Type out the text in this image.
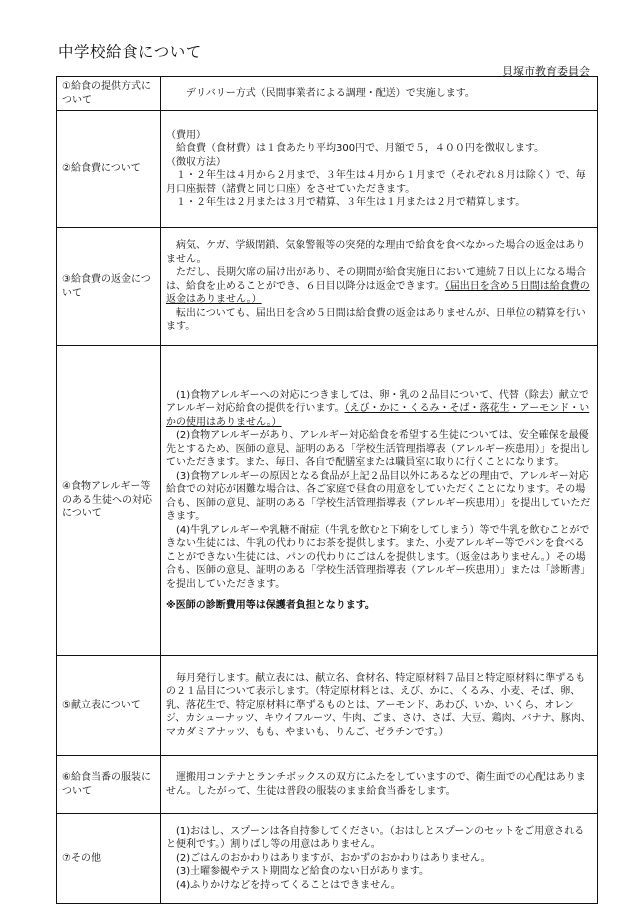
中学校給食について
貝塚市教育委員会
①給食の提供方式について	デリバリー方式（民間事業者による調理・配送）で実施します。

②給食費について	（費用）
給食費（食材費）は１食あたり平均300円で、月額で５，４００円を徴収します。
（徴収方法）
１・２年生は４月から２月まで、３年生は４月から１月まで（それぞれ８月は除く）で、毎月口座振替（諸費と同じ口座）をさせていただきます。
１・２年生は２月または３月で精算、３年生は１月または２月で精算します。

③給食費の返金について	病気、ケガ、学級閉鎖、気象警報等の突発的な理由で給食を食べなかった場合の返金はありません。
ただし、長期欠席の届け出があり、その期間が給食実施日において連続７日以上になる場合は、給食を止めることができ、６日目以降分は返金できます。（届出日を含め５日間は給食費の返金はありません。）
転出についても、届出日を含め５日間は給食費の返金はありませんが、日単位の精算を行います。

④食物アレルギー等のある生徒への対応について	(1)食物アレルギーへの対応につきましては、卵・乳の２品目について、代替（除去）献立でアレルギー対応給食の提供を行います。（えび・かに・くるみ・そば・落花生・アーモンド・いかの使用はありません。）
(2)食物アレルギーがあり、アレルギー対応給食を希望する生徒については、安全確保を最優先とするため、医師の意見、証明のある「学校生活管理指導表（アレルギー疾患用）」を提出していただきます。また、毎日、各自で配膳室または職員室に取りに行くことになります。
(3)食物アレルギーの原因となる食品が上記２品目以外にあるなどの理由で、アレルギー対応給食での対応が困難な場合は、各ご家庭で昼食の用意をしていただくことになります。その場合も、医師の意見、証明のある「学校生活管理指導表（アレルギー疾患用）」を提出していただきます。
(4)牛乳アレルギーや乳糖不耐症（牛乳を飲むと下痢をしてしまう）等で牛乳を飲むことができない生徒には、牛乳の代わりにお茶を提供します。また、小麦アレルギー等でパンを食べることができない生徒には、パンの代わりにごはんを提供します。（返金はありません。）その場合も、医師の意見、証明のある「学校生活管理指導表（アレルギー疾患用）」または「診断書」を提出していただきます。
※医師の診断費用等は保護者負担となります。

⑤献立表について	毎月発行します。献立表には、献立名、食材名、特定原材料７品目と特定原材料に準ずるもの２１品目について表示します。（特定原材料とは、えび、かに、くるみ、小麦、そば、卵、乳、落花生で、特定原材料に準ずるものとは、アーモンド、あわび、いか、いくら、オレンジ、カシューナッツ、キウイフルーツ、牛肉、ごま、さけ、さば、大豆、鶏肉、バナナ、豚肉、マカダミアナッツ、もも、やまいも、りんご、ゼラチンです。）

⑥給食当番の服装について	運搬用コンテナとランチボックスの双方にふたをしていますので、衛生面での心配はありません。したがって、生徒は普段の服装のまま給食当番をします。

⑦その他	(1)おはし、スプーンは各自持参してください。（おはしとスプーンのセットをご用意されると便利です。）割りばし等の用意はありません。
(2)ごはんのおかわりはありますが、おかずのおかわりはありません。
(3)土曜参観やテスト期間など給食のない日があります。
(4)ふりかけなどを持ってくることはできません。
